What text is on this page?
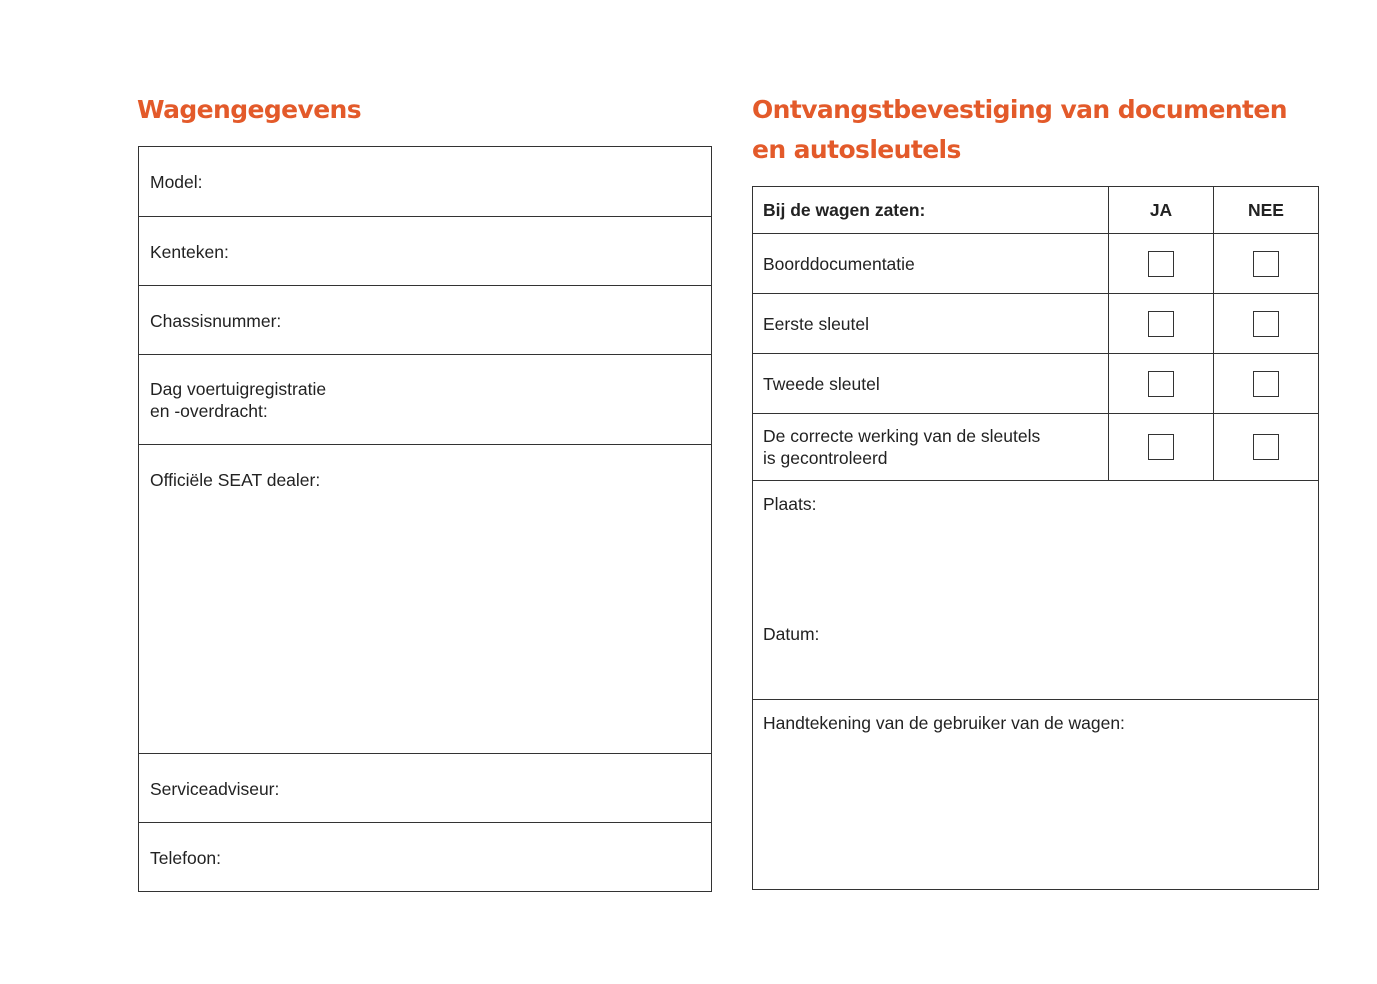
Wagengegevens
Model:
Kenteken:
Chassisnummer:
Dag voertuigregistratie
en -overdracht:
Officiële SEAT dealer:
Serviceadviseur:
Telefoon:
Ontvangstbevestiging van documenten
en autosleutels
Bij de wagen zaten:	JA	NEE
Boorddocumentatie
Eerste sleutel
Tweede sleutel
De correcte werking van de sleutels
is gecontroleerd
Plaats:
Datum:
Handtekening van de gebruiker van de wagen:
